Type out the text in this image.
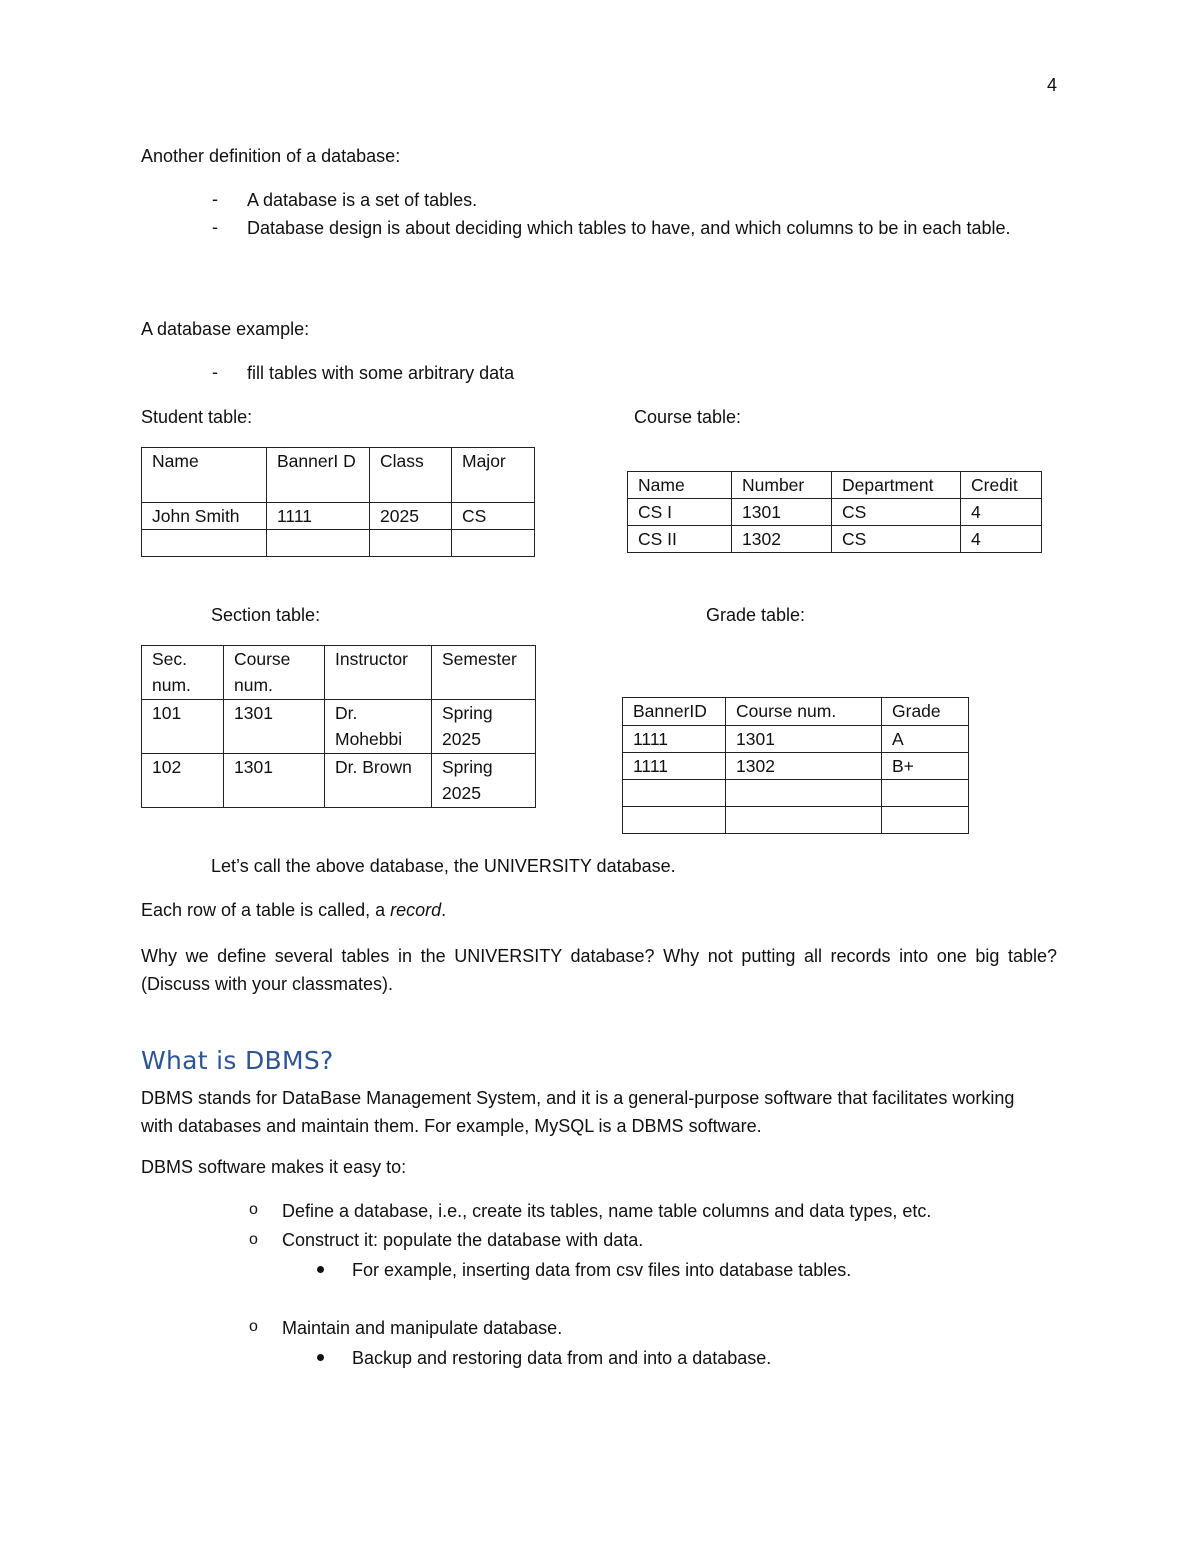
4
Another definition of a database:
- A database is a set of tables.
- Database design is about deciding which tables to have, and which columns to be in each table.
A database example:
- fill tables with some arbitrary data
Student table:	Course table:
Name	BannerI D	Class	Major
John Smith	1111	2025	CS

Name	Number	Department	Credit
CS I	1301	CS	4
CS II	1302	CS	4
Section table:	Grade table:
Sec. num.	Course num.	Instructor	Semester
101	1301	Dr. Mohebbi	Spring 2025
102	1301	Dr. Brown	Spring 2025
BannerID	Course num.	Grade
1111	1301	A
1111	1302	B+

Let’s call the above database, the UNIVERSITY database.
Each row of a table is called, a record.
Why we define several tables in the UNIVERSITY database? Why not putting all records into one big table? (Discuss with your classmates).
What is DBMS?
DBMS stands for DataBase Management System, and it is a general-purpose software that facilitates working with databases and maintain them. For example, MySQL is a DBMS software.
DBMS software makes it easy to:
o Define a database, i.e., create its tables, name table columns and data types, etc.
o Construct it: populate the database with data.
For example, inserting data from csv files into database tables.
o Maintain and manipulate database.
Backup and restoring data from and into a database.
